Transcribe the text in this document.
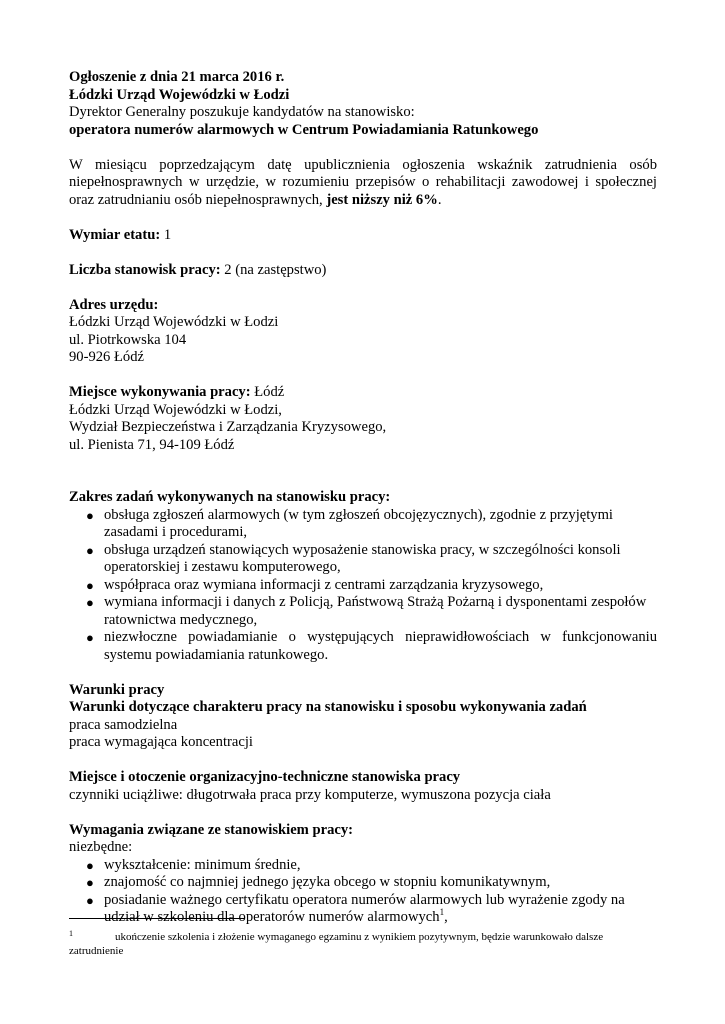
Ogłoszenie z dnia 21 marca 2016 r.

Łódzki Urząd Wojewódzki w Łodzi

Dyrektor Generalny poszukuje kandydatów na stanowisko:

operatora numerów alarmowych w Centrum Powiadamiania Ratunkowego

W miesiącu poprzedzającym datę upublicznienia ogłoszenia wskaźnik zatrudnienia osób niepełnosprawnych w urzędzie, w rozumieniu przepisów o rehabilitacji zawodowej i społecznej oraz zatrudnianiu osób niepełnosprawnych, jest niższy niż 6%.

Wymiar etatu: 1

Liczba stanowisk pracy: 2 (na zastępstwo)

Adres urzędu:

Łódzki Urząd Wojewódzki w Łodzi

ul. Piotrkowska 104

90-926 Łódź

Miejsce wykonywania pracy: Łódź

Łódzki Urząd Wojewódzki w Łodzi,

Wydział Bezpieczeństwa i Zarządzania Kryzysowego,

ul. Pienista 71, 94-109 Łódź

Zakres zadań wykonywanych na stanowisku pracy:

● obsługa zgłoszeń alarmowych (w tym zgłoszeń obcojęzycznych), zgodnie z przyjętymi zasadami i procedurami,
● obsługa urządzeń stanowiących wyposażenie stanowiska pracy, w szczególności konsoli operatorskiej i zestawu komputerowego,
● współpraca oraz wymiana informacji z centrami zarządzania kryzysowego,
● wymiana informacji i danych z Policją, Państwową Strażą Pożarną i dysponentami zespołów ratownictwa medycznego,
● niezwłoczne powiadamianie o występujących nieprawidłowościach w funkcjonowaniu systemu powiadamiania ratunkowego.

Warunki pracy

Warunki dotyczące charakteru pracy na stanowisku i sposobu wykonywania zadań

praca samodzielna

praca wymagająca koncentracji

Miejsce i otoczenie organizacyjno-techniczne stanowiska pracy

czynniki uciążliwe: długotrwała praca przy komputerze, wymuszona pozycja ciała

Wymagania związane ze stanowiskiem pracy:

niezbędne:

● wykształcenie: minimum średnie,
● znajomość co najmniej jednego języka obcego w stopniu komunikatywnym,
● posiadanie ważnego certyfikatu operatora numerów alarmowych lub wyrażenie zgody na udział w szkoleniu dla operatorów numerów alarmowych$^1$,
1	ukończenie szkolenia i złożenie wymaganego egzaminu z wynikiem pozytywnym, będzie warunkowało dalsze zatrudnienie
